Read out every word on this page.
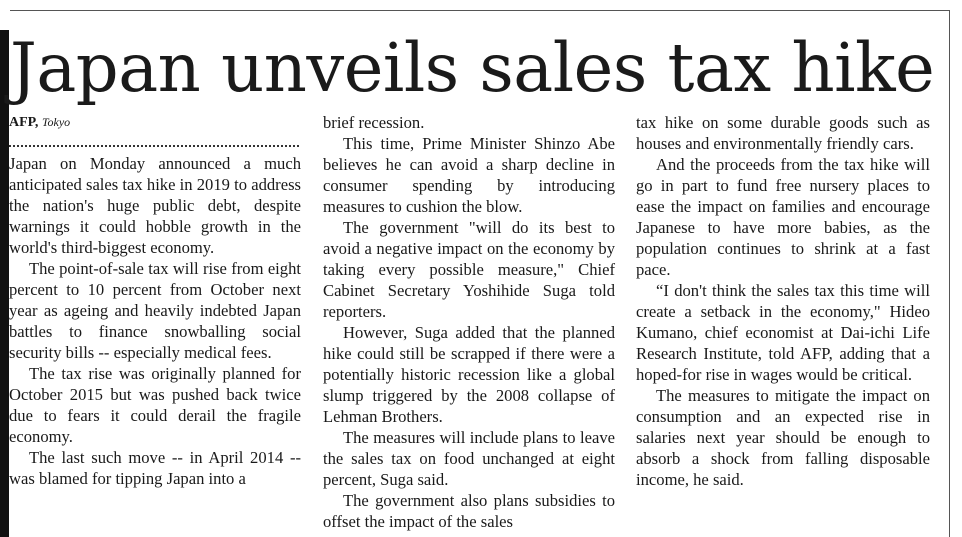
Japan unveils sales tax hike

AFP, Tokyo

Japan on Monday announced a much anticipated sales tax hike in 2019 to address the nation's huge public debt, despite warnings it could hobble growth in the world's third-biggest economy.

The point-of-sale tax will rise from eight percent to 10 percent from October next year as ageing and heavily indebted Japan battles to finance snowballing social security bills -- especially medical fees.

The tax rise was originally planned for October 2015 but was pushed back twice due to fears it could derail the fragile economy.

The last such move -- in April 2014 -- was blamed for tipping Japan into a

brief recession.

This time, Prime Minister Shinzo Abe believes he can avoid a sharp decline in consumer spending by introducing measures to cushion the blow.

The government "will do its best to avoid a negative impact on the economy by taking every possible measure," Chief Cabinet Secretary Yoshihide Suga told reporters.

However, Suga added that the planned hike could still be scrapped if there were a potentially historic recession like a global slump triggered by the 2008 collapse of Lehman Brothers.

The measures will include plans to leave the sales tax on food unchanged at eight percent, Suga said.

The government also plans subsidies to offset the impact of the sales

tax hike on some durable goods such as houses and environmentally friendly cars.

And the proceeds from the tax hike will go in part to fund free nursery places to ease the impact on families and encourage Japanese to have more babies, as the population continues to shrink at a fast pace.

“I don't think the sales tax this time will create a setback in the economy," Hideo Kumano, chief economist at Dai-ichi Life Research Institute, told AFP, adding that a hoped-for rise in wages would be critical.

The measures to mitigate the impact on consumption and an expected rise in salaries next year should be enough to absorb a shock from falling disposable income, he said.
